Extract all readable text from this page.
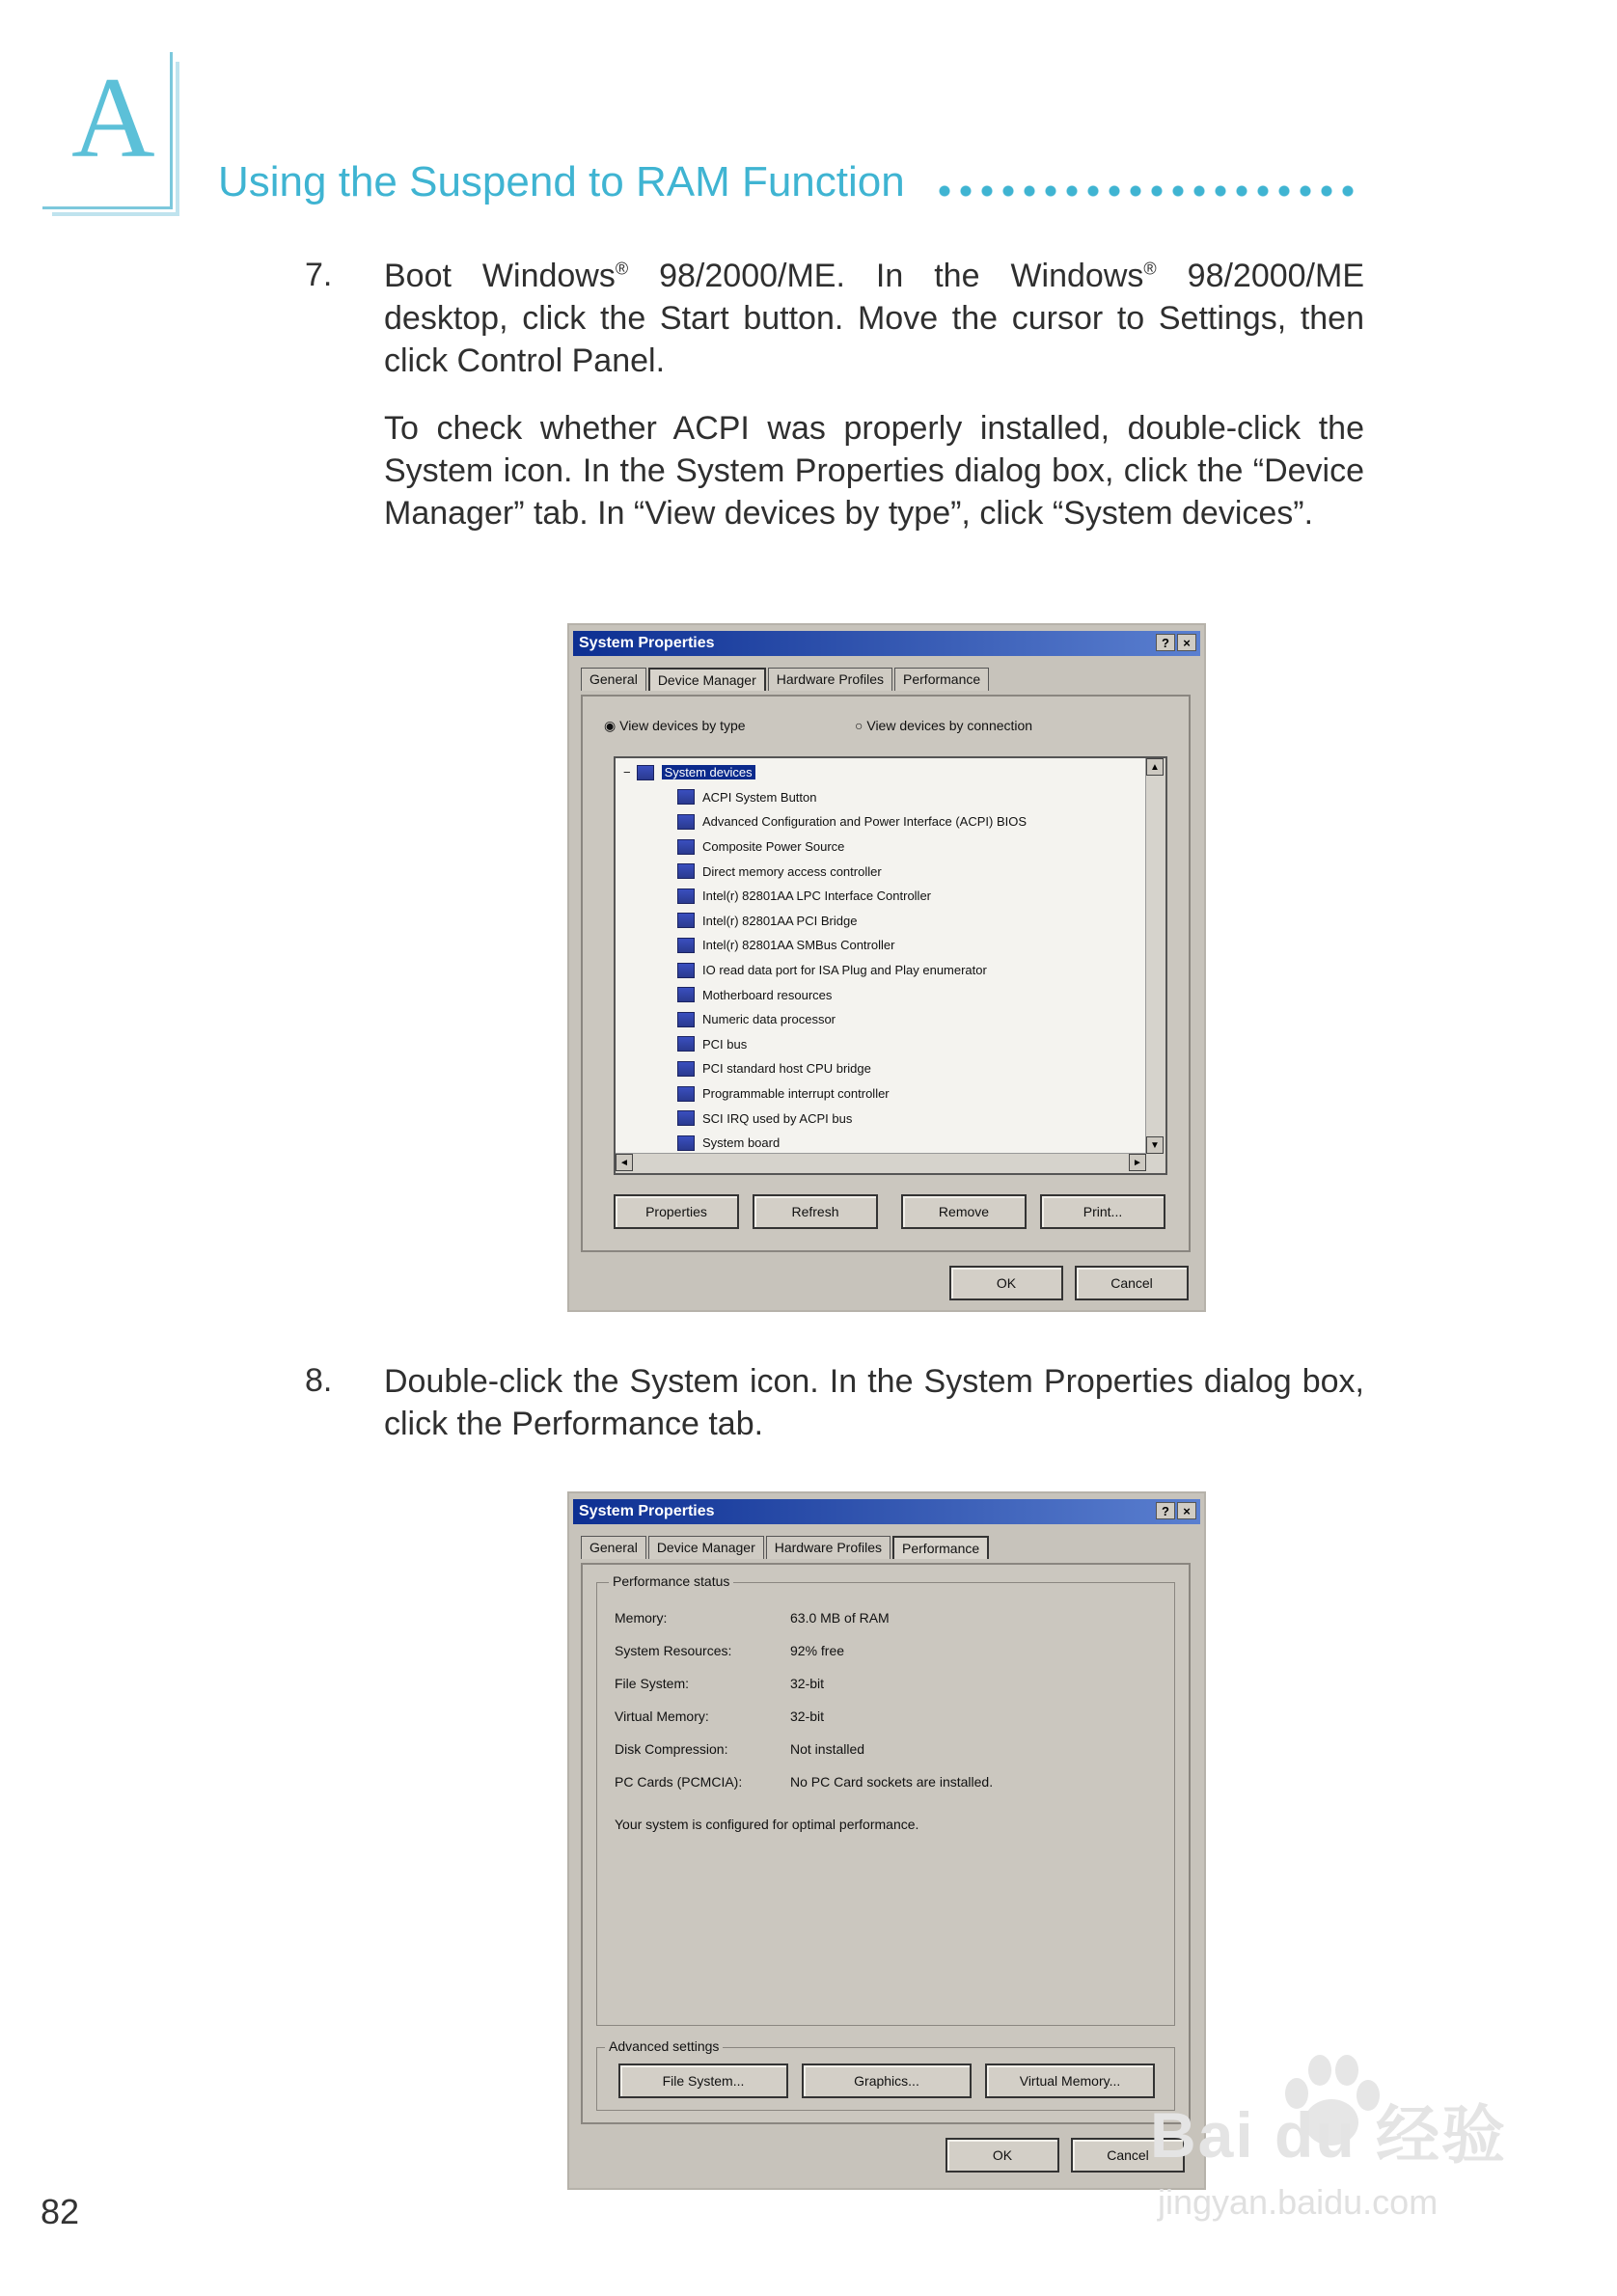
A
Using the Suspend to RAM Function
7. Boot Windows® 98/2000/ME. In the Windows® 98/2000/ME desktop, click the Start button. Move the cursor to Settings, then click Control Panel.
To check whether ACPI was properly installed, double-click the System icon. In the System Properties dialog box, click the “Device Manager” tab. In “View devices by type”, click “System devices”.
System Properties	?	×
General	Device Manager	Hardware Profiles	Performance
◉ View devices by type	○ View devices by connection
−	System devices
ACPI System Button
Advanced Configuration and Power Interface (ACPI) BIOS
Composite Power Source
Direct memory access controller
Intel(r) 82801AA LPC Interface Controller
Intel(r) 82801AA PCI Bridge
Intel(r) 82801AA SMBus Controller
IO read data port for ISA Plug and Play enumerator
Motherboard resources
Numeric data processor
PCI bus
PCI standard host CPU bridge
Programmable interrupt controller
SCI IRQ used by ACPI bus
System board
▲
▼
◄	►
Properties	Refresh	Remove	Print...
OK	Cancel
8. Double-click the System icon. In the System Properties dialog box, click the Performance tab.
System Properties	?	×
General	Device Manager	Hardware Profiles	Performance
Performance status
Memory:	63.0 MB of RAM
System Resources:	92% free
File System:	32-bit
Virtual Memory:	32-bit
Disk Compression:	Not installed
PC Cards (PCMCIA):	No PC Card sockets are installed.
Your system is configured for optimal performance.
Advanced settings
File System...	Graphics...	Virtual Memory...
OK	Cancel Bai du 经验
jingyan.baidu.com
82
